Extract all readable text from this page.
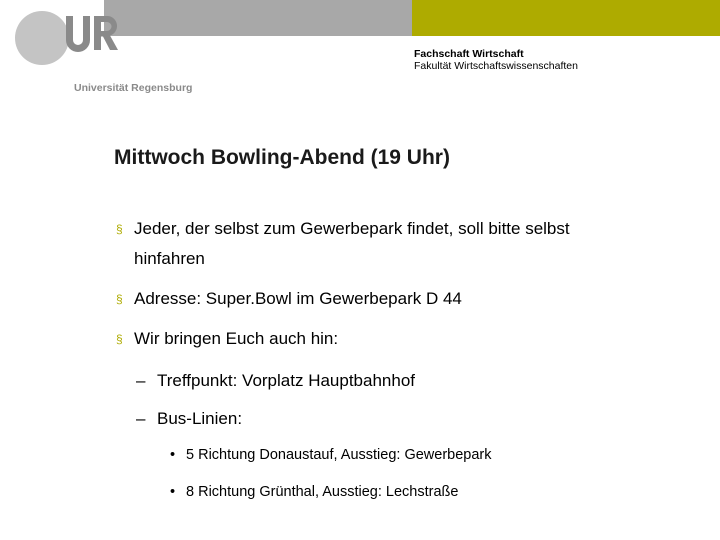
Universität Regensburg
Fachschaft Wirtschaft
Fakultät Wirtschaftswissenschaften
Mittwoch Bowling-Abend (19 Uhr)
§ Jeder, der selbst zum Gewerbepark findet, soll bitte selbst
hinfahren
§ Adresse: Super.Bowl im Gewerbepark D 44
§ Wir bringen Euch auch hin:
– Treffpunkt: Vorplatz Hauptbahnhof
– Bus-Linien:
• 5 Richtung Donaustauf, Ausstieg: Gewerbepark
• 8 Richtung Grünthal, Ausstieg: Lechstraße
